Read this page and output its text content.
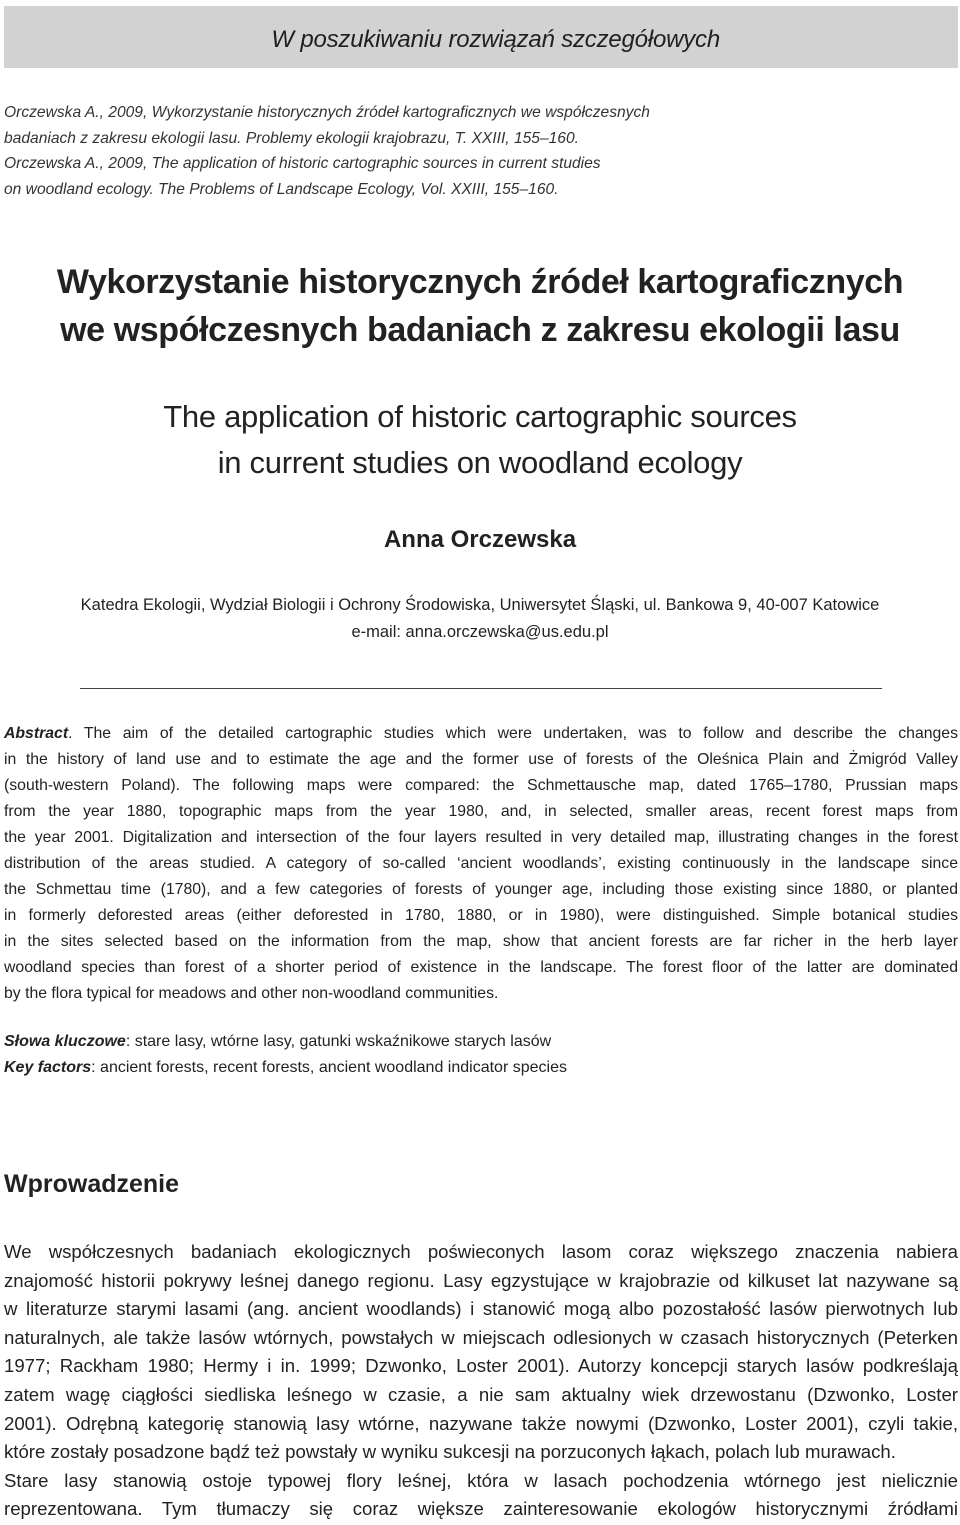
W poszukiwaniu rozwiązań szczegółowych
Orczewska A., 2009, Wykorzystanie historycznych źródeł kartograficznych we współczesnych
badaniach z zakresu ekologii lasu. Problemy ekologii krajobrazu, T. XXIII, 155–160.
Orczewska A., 2009, The application of historic cartographic sources in current studies
on woodland ecology. The Problems of Landscape Ecology, Vol. XXIII, 155–160.
Wykorzystanie historycznych źródeł kartograficznych
we współczesnych badaniach z zakresu ekologii lasu
The application of historic cartographic sources
in current studies on woodland ecology
Anna Orczewska
Katedra Ekologii, Wydział Biologii i Ochrony Środowiska, Uniwersytet Śląski, ul. Bankowa 9, 40-007 Katowice
e-mail: anna.orczewska@us.edu.pl
Abstract. The aim of the detailed cartographic studies which were undertaken, was to follow and describe the changes
in the history of land use and to estimate the age and the former use of forests of the Oleśnica Plain and Żmigród Valley
(south-western Poland). The following maps were compared: the Schmettausche map, dated 1765–1780, Prussian maps
from the year 1880, topographic maps from the year 1980, and, in selected, smaller areas, recent forest maps from
the year 2001. Digitalization and intersection of the four layers resulted in very detailed map, illustrating changes in the forest
distribution of the areas studied. A category of so-called ‘ancient woodlands’, existing continuously in the landscape since
the Schmettau time (1780), and a few categories of forests of younger age, including those existing since 1880, or planted
in formerly deforested areas (either deforested in 1780, 1880, or in 1980), were distinguished. Simple botanical studies
in the sites selected based on the information from the map, show that ancient forests are far richer in the herb layer
woodland species than forest of a shorter period of existence in the landscape. The forest floor of the latter are dominated
by the flora typical for meadows and other non-woodland communities.
Słowa kluczowe: stare lasy, wtórne lasy, gatunki wskaźnikowe starych lasów
Key factors: ancient forests, recent forests, ancient woodland indicator species
Wprowadzenie
We współczesnych badaniach ekologicznych poświeconych lasom coraz większego znaczenia nabiera
znajomość historii pokrywy leśnej danego regionu. Lasy egzystujące w krajobrazie od kilkuset lat nazywane są
w literaturze starymi lasami (ang. ancient woodlands) i stanowić mogą albo pozostałość lasów pierwotnych lub
naturalnych, ale także lasów wtórnych, powstałych w miejscach odlesionych w czasach historycznych (Peterken
1977; Rackham 1980; Hermy i in. 1999; Dzwonko, Loster 2001). Autorzy koncepcji starych lasów podkreślają
zatem wagę ciągłości siedliska leśnego w czasie, a nie sam aktualny wiek drzewostanu (Dzwonko, Loster
2001). Odrębną kategorię stanowią lasy wtórne, nazywane także nowymi (Dzwonko, Loster 2001), czyli takie,
które zostały posadzone bądź też powstały w wyniku sukcesji na porzuconych łąkach, polach lub murawach.
Stare lasy stanowią ostoje typowej flory leśnej, która w lasach pochodzenia wtórnego jest nielicznie
reprezentowana. Tym tłumaczy się coraz większe zainteresowanie ekologów historycznymi źródłami
